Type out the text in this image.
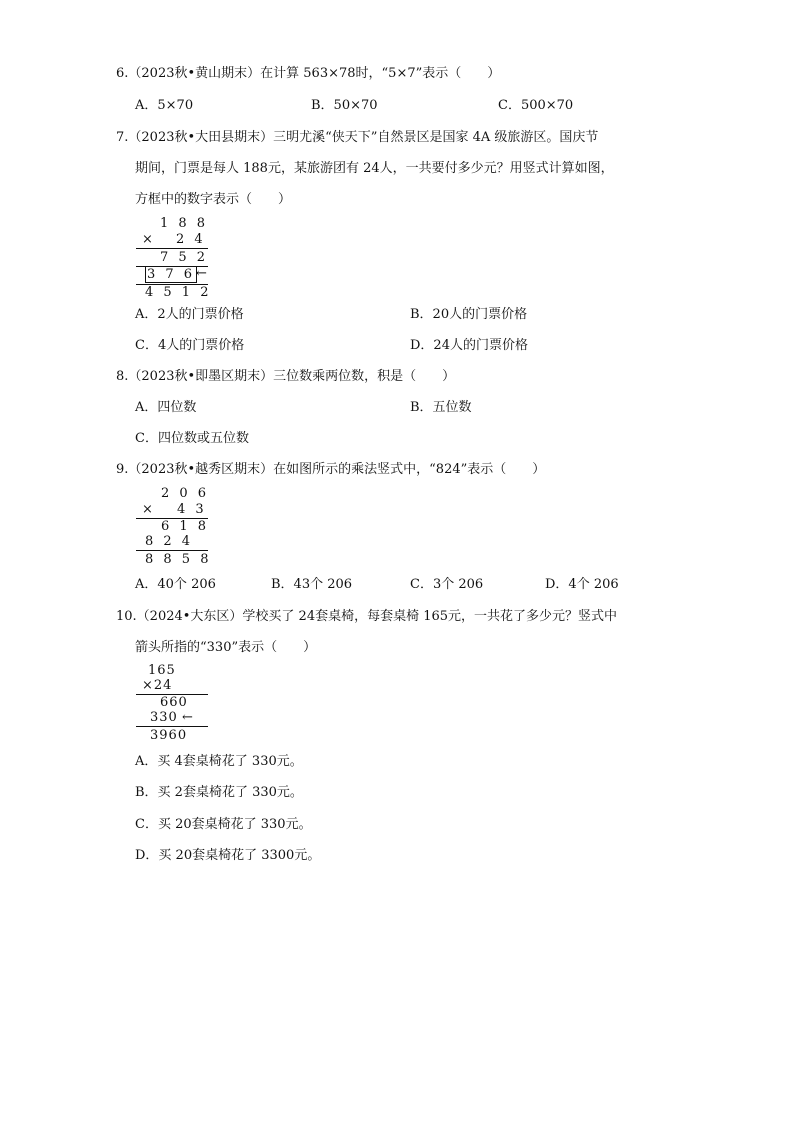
6.（2023秋•黄山期末）在计算 563×78时，“5×7”表示（　　）
A．5×70	B．50×70	C．500×70
7.（2023秋•大田县期末）三明尤溪“侠天下”自然景区是国家 4A 级旅游区。国庆节
期间，门票是每人 188元，某旅游团有 24人，一共要付多少元？用竖式计算如图，
方框中的数字表示（　　）
1 8 8
× 2 4
7 5 2
3 7 6
4 5 1 2
←
A．2人的门票价格	B．20人的门票价格
C．4人的门票价格	D．24人的门票价格
8.（2023秋•即墨区期末）三位数乘两位数，积是（　　）
A．四位数	B．五位数
C．四位数或五位数
9.（2023秋•越秀区期末）在如图所示的乘法竖式中，“824”表示（　　）
2 0 6
× 4 3
6 1 8
8 2 4
8 8 5 8
A．40个 206	B．43个 206	C．3个 206	D．4个 206
10.（2024•大东区）学校买了 24套桌椅，每套桌椅 165元，一共花了多少元？竖式中
箭头所指的“330”表示（　　）
165
×24
660
330
3960
←
A．买 4套桌椅花了 330元。
B．买 2套桌椅花了 330元。
C．买 20套桌椅花了 330元。
D．买 20套桌椅花了 3300元。
